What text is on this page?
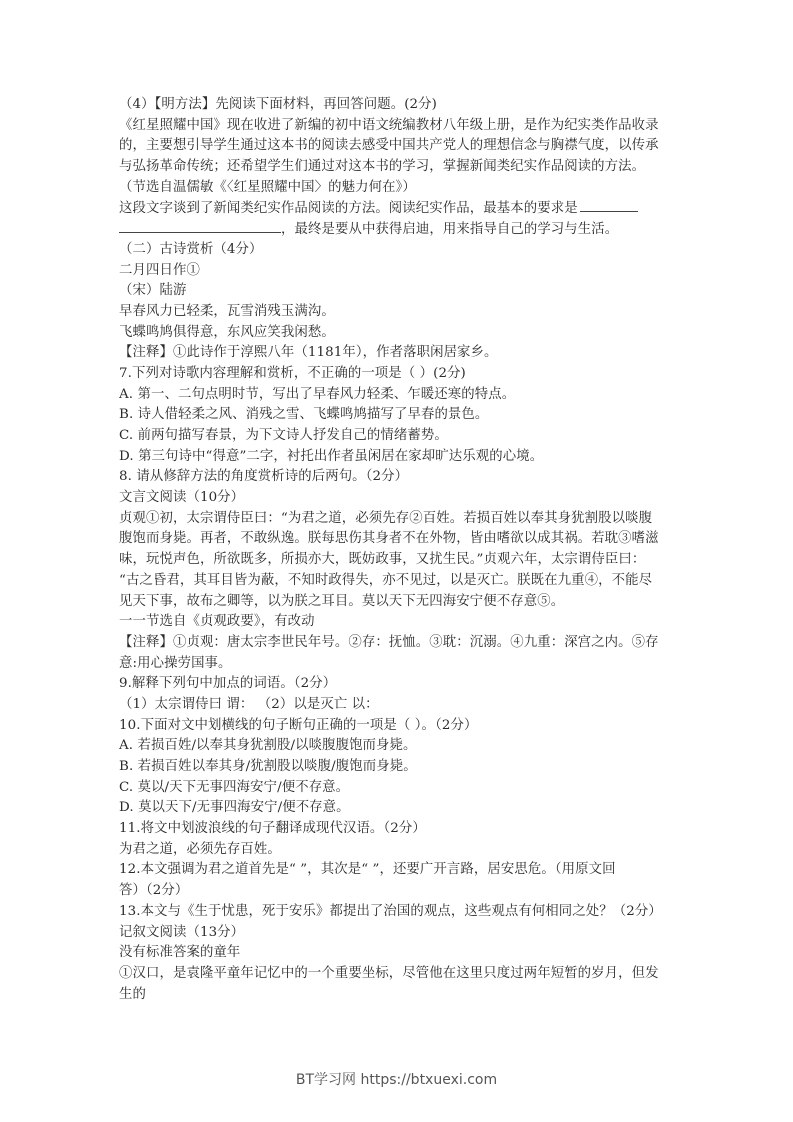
（4）【明方法】先阅读下面材料，再回答问题。(2分)
《红星照耀中国》现在收进了新编的初中语文统编教材八年级上册，是作为纪实类作品收录
的，主要想引导学生通过这本书的阅读去感受中国共产党人的理想信念与胸襟气度，以传承
与弘扬革命传统；还希望学生们通过对这本书的学习，掌握新闻类纪实作品阅读的方法。
（节选自温儒敏《〈红星照耀中国〉的魅力何在》）
这段文字谈到了新闻类纪实作品阅读的方法。阅读纪实作品，最基本的要求是
，最终是要从中获得启迪，用来指导自己的学习与生活。
（二）古诗赏析（4分）
二月四日作①
（宋）陆游
早春风力已轻柔，瓦雪消残玉满沟。
飞蝶鸣鸠俱得意，东风应笑我闲愁。
【注释】①此诗作于淳熙八年（1181年），作者落职闲居家乡。
7.下列对诗歌内容理解和赏析，不正确的一项是（ ）(2分)
A. 第一、二句点明时节，写出了早春风力轻柔、乍暖还寒的特点。
B. 诗人借轻柔之风、消残之雪、飞蝶鸣鸠描写了早春的景色。
C. 前两句描写春景，为下文诗人抒发自己的情绪蓄势。
D. 第三句诗中“得意”二字，衬托出作者虽闲居在家却旷达乐观的心境。
8. 请从修辞方法的角度赏析诗的后两句。（2分）
文言文阅读（10分）
贞观①初，太宗谓侍臣曰：“为君之道，必须先存②百姓。若损百姓以奉其身犹割股以啖腹
腹饱而身毙。再者，不敢纵逸。朕每思伤其身者不在外物，皆由嗜欲以成其祸。若耽③嗜滋
味，玩悦声色，所欲既多，所损亦大，既妨政事，又扰生民。”贞观六年，太宗谓侍臣曰：
“古之昏君，其耳目皆为蔽，不知时政得失，亦不见过，以是灭亡。朕既在九重④，不能尽
见天下事，故布之卿等，以为朕之耳目。莫以天下无四海安宁便不存意⑤。
一一节选自《贞观政要》，有改动
【注释】①贞观：唐太宗李世民年号。②存：抚恤。③耽：沉溺。④九重：深宫之内。⑤存
意:用心操劳国事。
9.解释下列句中加点的词语。（2分）
（1）太宗谓侍曰 谓： （2）以是灭亡 以：
10.下面对文中划横线的句子断句正确的一项是（ ）。（2分）
A. 若损百姓/以奉其身犹割股/以啖腹腹饱而身毙。
B. 若损百姓以奉其身/犹割股以啖腹/腹饱而身毙。
C. 莫以/天下无事四海安宁/便不存意。
D. 莫以天下/无事四海安宁/便不存意。
11.将文中划波浪线的句子翻译成现代汉语。（2分）
为君之道，必须先存百姓。
12.本文强调为君之道首先是“ ”，其次是“ ”，还要广开言路，居安思危。（用原文回
答）（2分）
13.本文与《生于忧患，死于安乐》都提出了治国的观点，这些观点有何相同之处？（2分）
记叙文阅读（13分）
没有标准答案的童年
①汉口，是袁隆平童年记忆中的一个重要坐标，尽管他在这里只度过两年短暂的岁月，但发
生的
BT学习网 https://btxuexi.com
